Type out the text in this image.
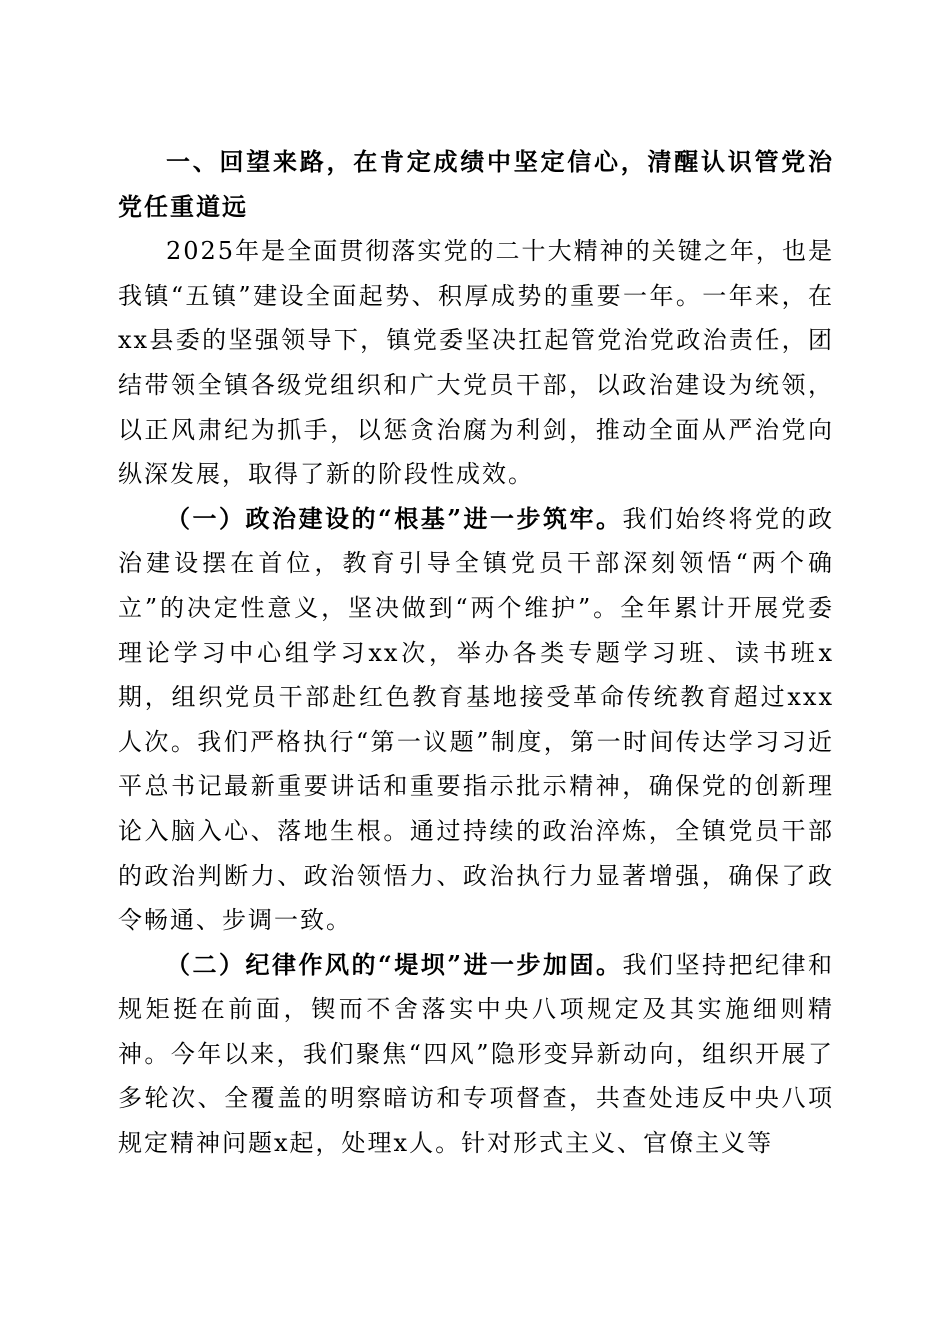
一、回望来路，在肯定成绩中坚定信心，清醒认识管党治党任重道远

2025年是全面贯彻落实党的二十大精神的关键之年，也是我镇“五镇”建设全面起势、积厚成势的重要一年。一年来，在xx县委的坚强领导下，镇党委坚决扛起管党治党政治责任，团结带领全镇各级党组织和广大党员干部，以政治建设为统领，以正风肃纪为抓手，以惩贪治腐为利剑，推动全面从严治党向纵深发展，取得了新的阶段性成效。

（一）政治建设的“根基”进一步筑牢。我们始终将党的政治建设摆在首位，教育引导全镇党员干部深刻领悟“两个确立”的决定性意义，坚决做到“两个维护”。全年累计开展党委理论学习中心组学习xx次，举办各类专题学习班、读书班x期，组织党员干部赴红色教育基地接受革命传统教育超过xxx人次。我们严格执行“第一议题”制度，第一时间传达学习习近平总书记最新重要讲话和重要指示批示精神，确保党的创新理论入脑入心、落地生根。通过持续的政治淬炼，全镇党员干部的政治判断力、政治领悟力、政治执行力显著增强，确保了政令畅通、步调一致。

（二）纪律作风的“堤坝”进一步加固。我们坚持把纪律和规矩挺在前面，锲而不舍落实中央八项规定及其实施细则精神。今年以来，我们聚焦“四风”隐形变异新动向，组织开展了多轮次、全覆盖的明察暗访和专项督查，共查处违反中央八项规定精神问题x起，处理x人。针对形式主义、官僚主义等
